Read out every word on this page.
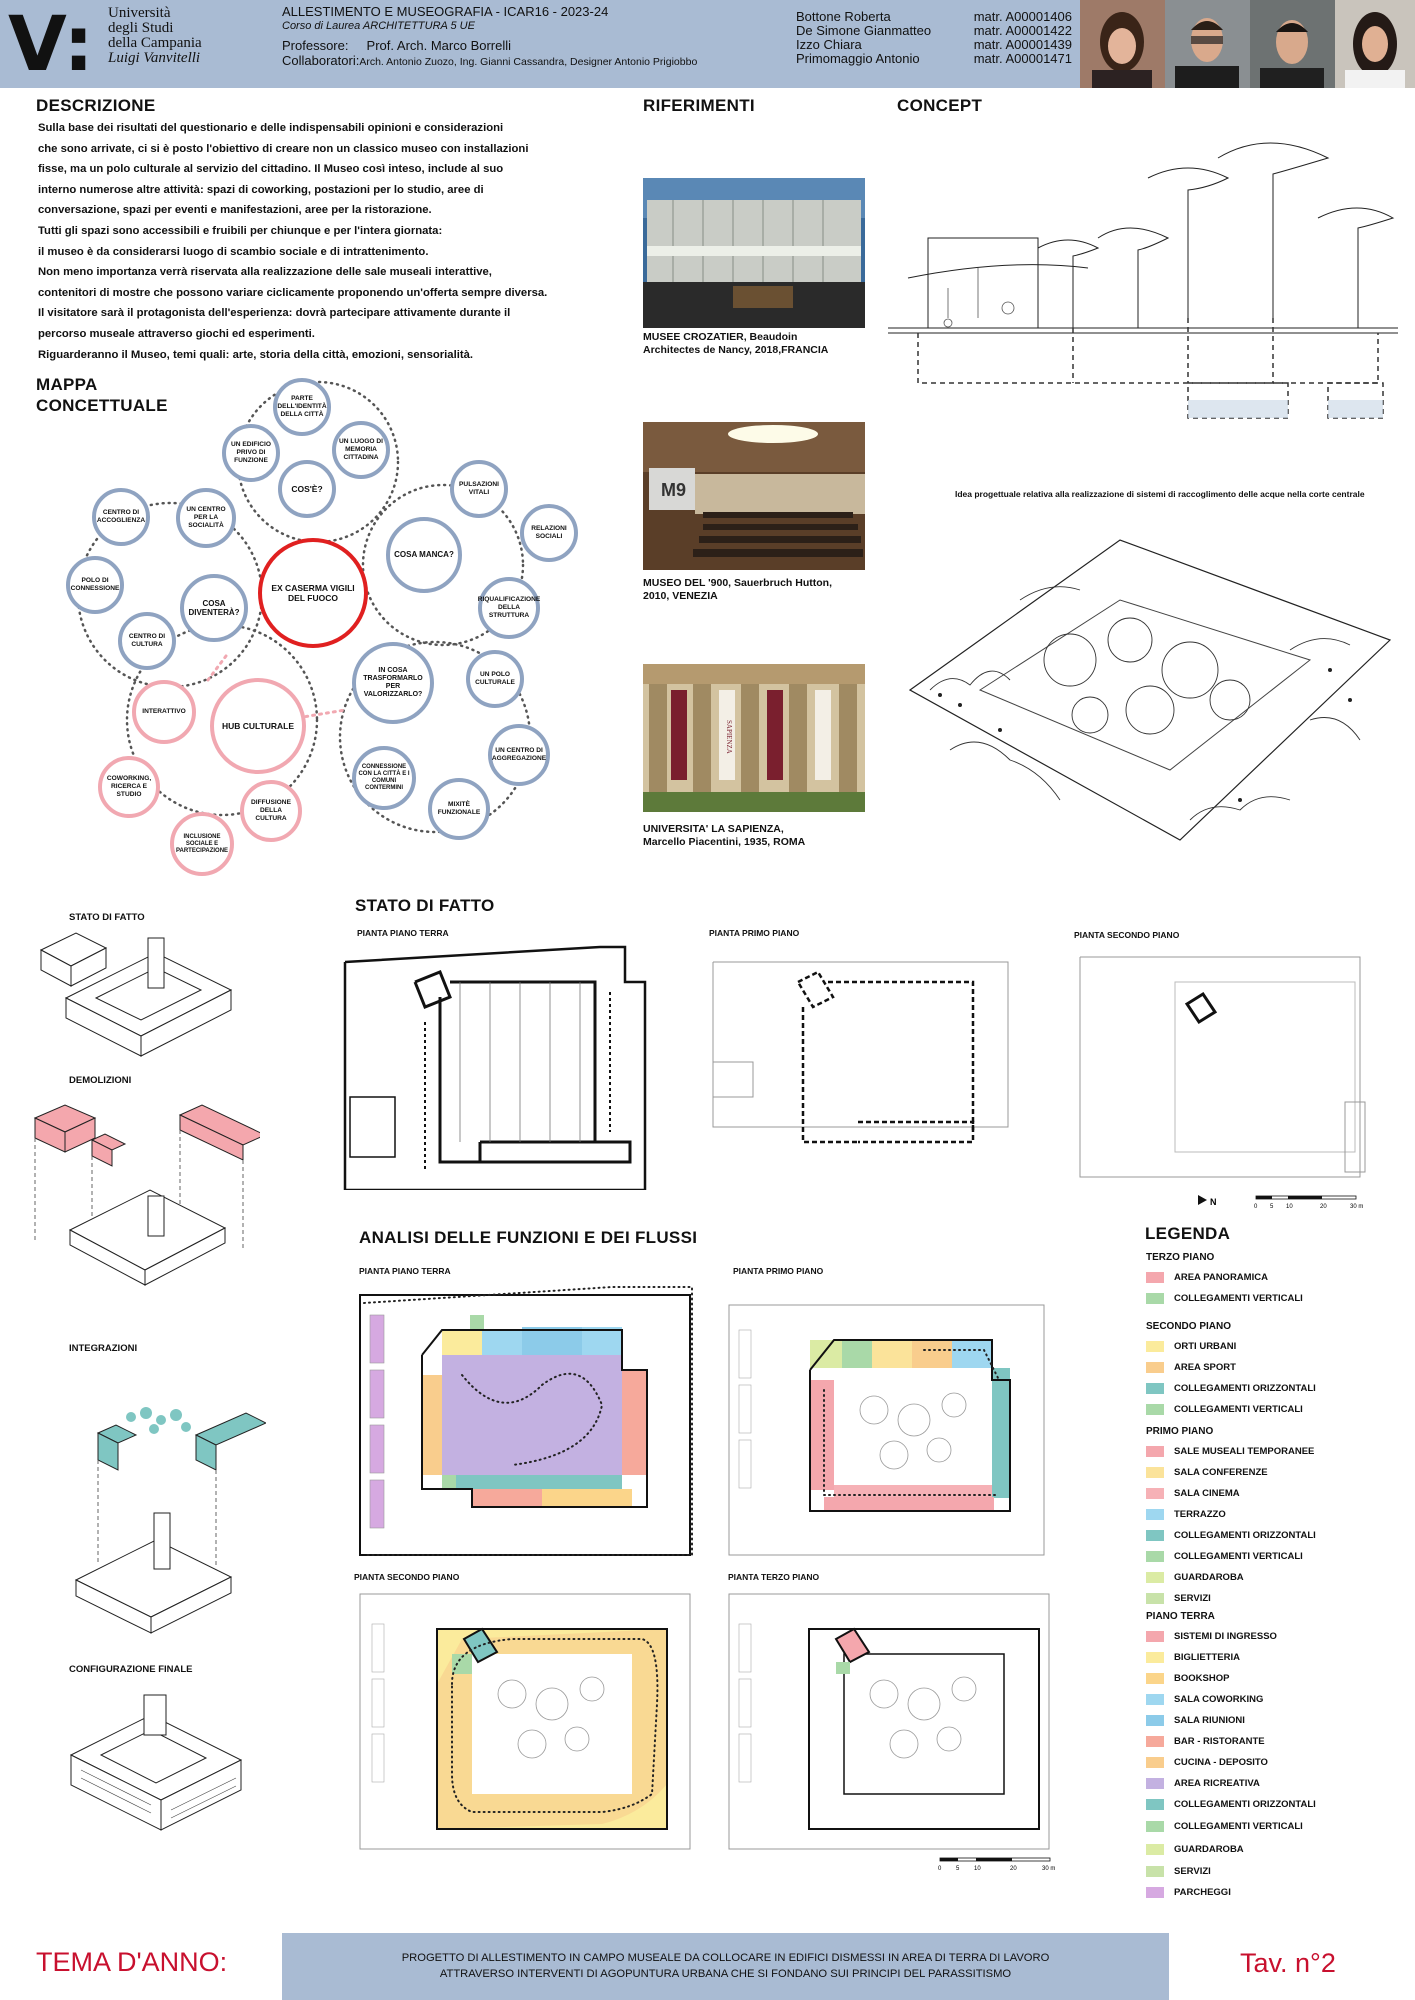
V: Università
degli Studi
della Campania
Luigi Vanvitelli
ALLESTIMENTO E MUSEOGRAFIA - ICAR16 - 2023-24
Corso di Laurea ARCHITETTURA 5 UE
Professore: Prof. Arch. Marco Borrelli
Collaboratori:Arch. Antonio Zuozo, Ing. Gianni Cassandra, Designer Antonio Prigiobbo
Bottone Roberta	matr. A00001406
De Simone Gianmatteo	matr. A00001422
Izzo Chiara	matr. A00001439
Primomaggio Antonio	matr. A00001471
DESCRIZIONE
Sulla base dei risultati del questionario e delle indispensabili opinioni e considerazioni
che sono arrivate, ci si è posto l'obiettivo di creare non un classico museo con installazioni
fisse, ma un polo culturale al servizio del cittadino. Il Museo così inteso, include al suo
interno numerose altre attività: spazi di coworking, postazioni per lo studio, aree di
conversazione, spazi per eventi e manifestazioni, aree per la ristorazione.
Tutti gli spazi sono accessibili e fruibili per chiunque e per l'intera giornata:
il museo è da considerarsi luogo di scambio sociale e di intrattenimento.
Non meno importanza verrà riservata alla realizzazione delle sale museali interattive,
contenitori di mostre che possono variare ciclicamente proponendo un'offerta sempre diversa.
Il visitatore sarà il protagonista dell'esperienza: dovrà partecipare attivamente durante il
percorso museale attraverso giochi ed esperimenti.
Riguarderanno il Museo, temi quali: arte, storia della città, emozioni, sensorialità.
MAPPA
CONCETTUALE
EX CASERMA VIGILI DEL FUOCO
COS'È?
COSA MANCA?
COSA DIVENTERÀ?
IN COSA TRASFORMARLO PER VALORIZZARLO?
HUB CULTURALE
PARTE DELL'IDENTITÀ DELLA CITTÀ
UN EDIFICIO PRIVO DI FUNZIONE
UN LUOGO DI MEMORIA CITTADINA
PULSAZIONI VITALI
RELAZIONI SOCIALI
RIQUALIFICAZIONE DELLA STRUTTURA
CENTRO DI ACCOGLIENZA
UN CENTRO PER LA SOCIALITÀ
POLO DI CONNESSIONE
CENTRO DI CULTURA
UN POLO CULTURALE
UN CENTRO DI AGGREGAZIONE
MIXITÈ FUNZIONALE
CONNESSIONE CON LA CITTÀ E I COMUNI CONTERMINI
INTERATTIVO
COWORKING, RICERCA E STUDIO
DIFFUSIONE DELLA CULTURA
INCLUSIONE SOCIALE E PARTECIPAZIONE
RIFERIMENTI
MUSEE CROZATIER, Beaudoin
Architectes de Nancy, 2018,FRANCIA
M9
MUSEO DEL '900, Sauerbruch Hutton,
2010, VENEZIA
SAPIENZA
UNIVERSITA' LA SAPIENZA,
Marcello Piacentini, 1935, ROMA
CONCEPT
Idea progettuale relativa alla realizzazione di sistemi di raccoglimento delle acque nella corte centrale
STATO DI FATTO
DEMOLIZIONI
INTEGRAZIONI
CONFIGURAZIONE FINALE
STATO DI FATTO
PIANTA PIANO TERRA	PIANTA PRIMO PIANO	PIANTA SECONDO PIANO
N	0 5 10	20	30 m
ANALISI DELLE FUNZIONI E DEI FLUSSI
PIANTA PIANO TERRA	PIANTA PRIMO PIANO
PIANTA SECONDO PIANO	PIANTA TERZO PIANO
0 5 10	20	30 m
LEGENDA
TERZO PIANO
AREA PANORAMICA
COLLEGAMENTI VERTICALI
SECONDO PIANO
ORTI URBANI
AREA SPORT
COLLEGAMENTI ORIZZONTALI
COLLEGAMENTI VERTICALI
PRIMO PIANO
SALE MUSEALI TEMPORANEE
SALA CONFERENZE
SALA CINEMA
TERRAZZO
COLLEGAMENTI ORIZZONTALI
COLLEGAMENTI VERTICALI
GUARDAROBA
SERVIZI
PIANO TERRA
SISTEMI DI INGRESSO
BIGLIETTERIA
BOOKSHOP
SALA COWORKING
SALA RIUNIONI
BAR - RISTORANTE
CUCINA - DEPOSITO
AREA RICREATIVA
COLLEGAMENTI ORIZZONTALI
COLLEGAMENTI VERTICALI
GUARDAROBA
SERVIZI
PARCHEGGI
TEMA D'ANNO:	PROGETTO DI ALLESTIMENTO IN CAMPO MUSEALE DA COLLOCARE IN EDIFICI DISMESSI IN AREA DI TERRA DI LAVORO
ATTRAVERSO INTERVENTI DI AGOPUNTURA URBANA CHE SI FONDANO SUI PRINCIPI DEL PARASSITISMO	Tav. n°2
